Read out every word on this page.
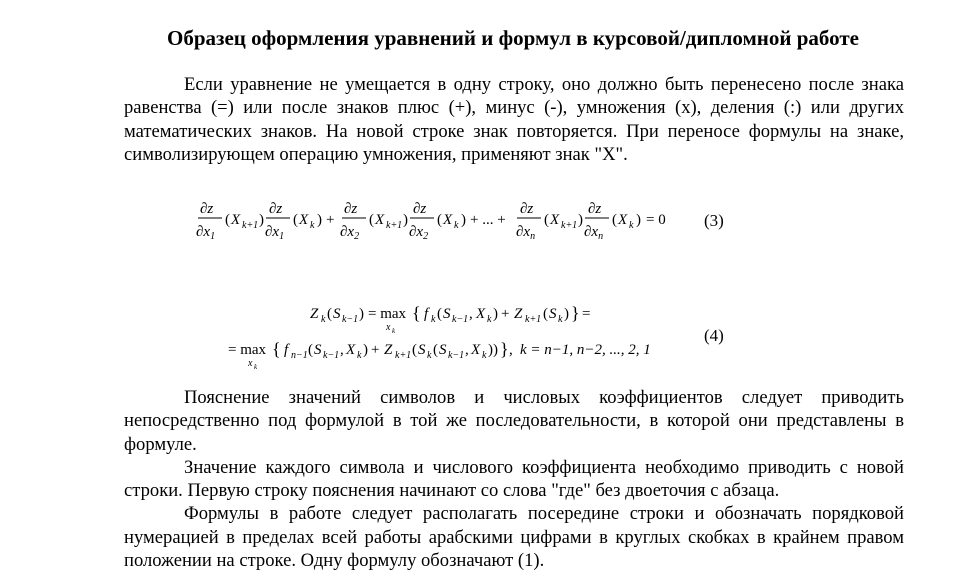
Образец оформления уравнений и формул в курсовой/дипломной работе

Если уравнение не умещается в одну строку, оно должно быть перенесено после знака равенства (=) или после знаков плюс (+), минус (-), умножения (х), деления (:) или других математических знаков. На новой строке знак повторяется. При переносе формулы на знаке, символизирующем операцию умножения, применяют знак "X".

∂z
$\partial x_1$
( X k+1 )
∂z
$\partial x_1$
( X k ) +
∂z
$\partial x_2$
( X k+1 )
∂z
$\partial x_2$
( X k ) + ... +
∂z
$\partial x_n$
( X k+1 )
∂z
$\partial x_n$
( X k ) = 0 (3)
Z k ( S k−1 ) = max
x k
{ f k ( S k−1 , X k ) + Z k+1 ( S k ) } =
= max
x k
{ f n−1 ( S k−1 , X k ) + Z k+1 ( S k ( S k−1 , X k )) } , k = n−1, n−2, ..., 2, 1
(4)

Пояснение значений символов и числовых коэффициентов следует приводить непосредственно под формулой в той же последовательности, в которой они представлены в формуле.

Значение каждого символа и числового коэффициента необходимо приводить с новой строки. Первую строку пояснения начинают со слова "где" без двоеточия с абзаца.

Формулы в работе следует располагать посередине строки и обозначать порядковой нумерацией в пределах всей работы арабскими цифрами в круглых скобках в крайнем правом положении на строке. Одну формулу обозначают (1).
